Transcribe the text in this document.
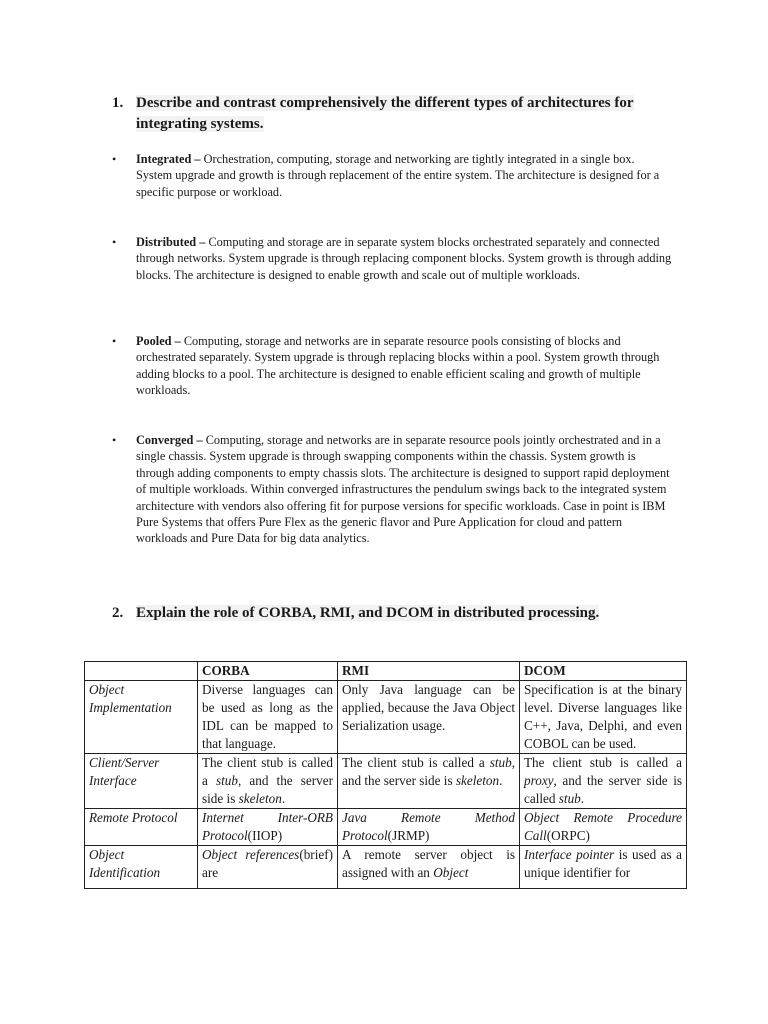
1. Describe and contrast comprehensively the different types of architectures for integrating systems.
• Integrated – Orchestration, computing, storage and networking are tightly integrated in a single box. System upgrade and growth is through replacement of the entire system. The architecture is designed for a specific purpose or workload.
• Distributed – Computing and storage are in separate system blocks orchestrated separately and connected through networks. System upgrade is through replacing component blocks. System growth is through adding blocks. The architecture is designed to enable growth and scale out of multiple workloads.
• Pooled – Computing, storage and networks are in separate resource pools consisting of blocks and orchestrated separately. System upgrade is through replacing blocks within a pool. System growth through adding blocks to a pool. The architecture is designed to enable efficient scaling and growth of multiple workloads.
• Converged – Computing, storage and networks are in separate resource pools jointly orchestrated and in a single chassis. System upgrade is through swapping components within the chassis. System growth is through adding components to empty chassis slots. The architecture is designed to support rapid deployment of multiple workloads. Within converged infrastructures the pendulum swings back to the integrated system architecture with vendors also offering fit for purpose versions for specific workloads. Case in point is IBM Pure Systems that offers Pure Flex as the generic flavor and Pure Application for cloud and pattern workloads and Pure Data for big data analytics.
2. Explain the role of CORBA, RMI, and DCOM in distributed processing.
	CORBA	RMI	DCOM
Object Implementation	Diverse languages can be used as long as the IDL can be mapped to that language.	Only Java language can be applied, because the Java Object Serialization usage.	Specification is at the binary level. Diverse languages like C++, Java, Delphi, and even COBOL can be used.
Client/Server Interface	The client stub is called a stub, and the server side is skeleton.	The client stub is called a stub, and the server side is skeleton.	The client stub is called a proxy, and the server side is called stub.
Remote Protocol	Internet Inter-ORB Protocol(IIOP)	Java Remote Method Protocol(JRMP)	Object Remote Procedure Call(ORPC)
Object Identification	Object references(brief) are	A remote server object is assigned with an Object	Interface pointer is used as a unique identifier for
